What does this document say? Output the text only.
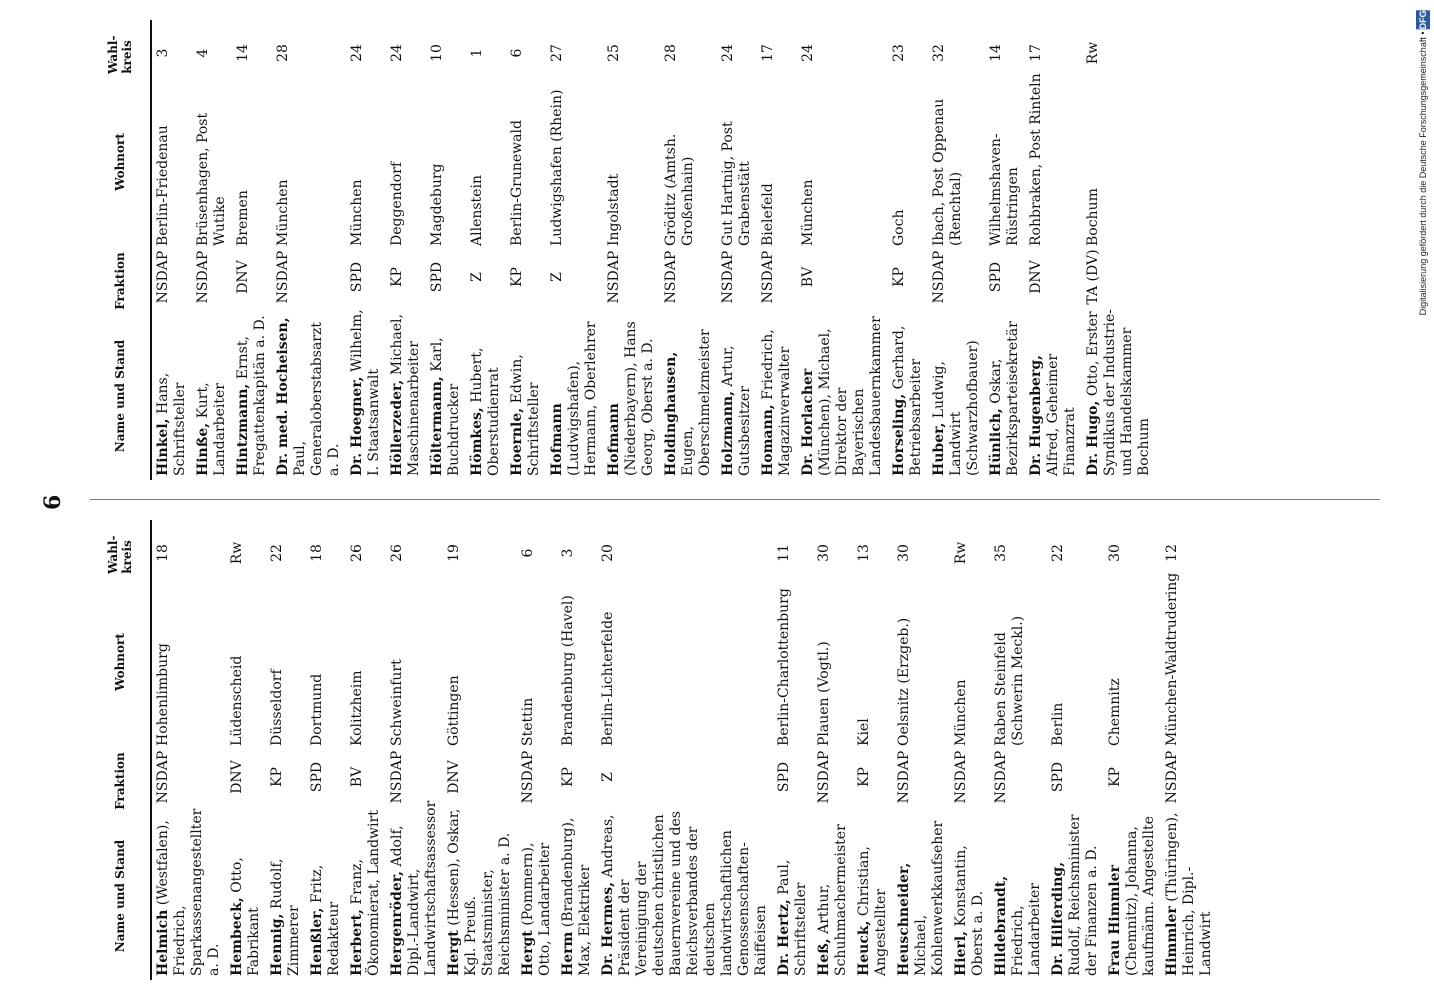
6
Name und Stand
Fraktion
Wohnort
Wahl-kreis
Helmich (Westfalen), Friedrich, Sparkassenangestellter a. D.
NSDAP
Hohenlimburg
18
Hembeck, Otto, Fabrikant
DNV
Lüdenscheid
Rw
Hennig, Rudolf, Zimmerer
KP
Düsseldorf
22
Henßler, Fritz, Redakteur
SPD
Dortmund
18
Herbert, Franz, Ökonomierat, Landwirt
BV
Kolitzheim
26
Hergenröder, Adolf, Dipl.-Landwirt, Landwirtschaftsassessor
NSDAP
Schweinfurt
26
Hergt (Hessen), Oskar, Kgl. Preuß. Staatsminister, Reichsminister a. D.
DNV
Göttingen
19
Hergt (Pommern), Otto, Landarbeiter
NSDAP
Stettin
6
Herm (Brandenburg), Max, Elektriker
KP
Brandenburg (Havel)
3
Dr. Hermes, Andreas, Präsident der Vereinigung der deutschen christlichen Bauernvereine und des Reichsverbandes der deutschen landwirtschaftlichen Genossenschaften-Raiffeisen
Z
Berlin-Lichterfelde
20
Dr. Hertz, Paul, Schriftsteller
SPD
Berlin-Charlottenburg
11
Heß, Arthur, Schuhmachermeister
NSDAP
Plauen (Vogtl.)
30
Heuck, Christian, Angestellter
KP
Kiel
13
Heuschneider, Michael, Kohlenwerkkaufseher
NSDAP
Oelsnitz (Erzgeb.)
30
Hierl, Konstantin, Oberst a. D.
NSDAP
München
Rw
Hildebrandt, Friedrich, Landarbeiter
NSDAP
Raben Steinfeld (Schwerin Meckl.)
35
Dr. Hilferding, Rudolf, Reichsminister der Finanzen a. D.
SPD
Berlin
22
Frau Himmler (Chemnitz), Johanna, kaufmänn. Angestellte
KP
Chemnitz
30
Himmler (Thüringen), Heinrich, Dipl.-Landwirt
NSDAP
München-Waldtrudering
12
Name und Stand
Fraktion
Wohnort
Wahl-kreis
Hinkel, Hans, Schriftsteller
NSDAP
Berlin-Friedenau
3
Hinße, Kurt, Landarbeiter
NSDAP
Brüsenhagen, Post Wutike
4
Hintzmann, Ernst, Fregattenkapitän a. D.
DNV
Bremen
14
Dr. med. Hocheisen, Paul, Generaloberstabsarzt a. D.
NSDAP
München
28
Dr. Hoegner, Wilhelm, I. Staatsanwalt
SPD
München
24
Höllerzeder, Michael, Maschinenarbeiter
KP
Deggendorf
24
Höltermann, Karl, Buchdrucker
SPD
Magdeburg
10
Hömkes, Hubert, Oberstudienrat
Z
Allenstein
1
Hoernle, Edwin, Schriftsteller
KP
Berlin-Grunewald
6
Hofmann (Ludwigshafen), Hermann, Oberlehrer
Z
Ludwigshafen (Rhein)
27
Hofmann (Niederbayern), Hans Georg, Oberst a. D.
NSDAP
Ingolstadt
25
Holdinghausen, Eugen, Oberschmelzmeister
NSDAP
Gröditz (Amtsh. Großenhain)
28
Holzmann, Artur, Gutsbesitzer
NSDAP
Gut Hartnig, Post Grabenstätt
24
Homann, Friedrich, Magazinverwalter
NSDAP
Bielefeld
17
Dr. Horlacher (München), Michael, Direktor der Bayerischen Landesbauernkammer
BV
München
24
Horseling, Gerhard, Betriebsarbeiter
KP
Goch
23
Huber, Ludwig, Landwirt (Schwarzhofbauer)
NSDAP
Ibach, Post Oppenau (Renchtal)
32
Hünlich, Oskar, Bezirksparteisekretär
SPD
Wilhelmshaven-Rüstringen
14
Dr. Hugenberg, Alfred, Geheimer Finanzrat
DNV
Rohbraken, Post Rinteln
17
Dr. Hugo, Otto, Erster Syndikus der Industrie- und Handelskammer Bochum
TA (DV)
Bochum
Rw	Digitalisierung gefördert durch die Deutsche Forschungsgemeinschaft • DFG
